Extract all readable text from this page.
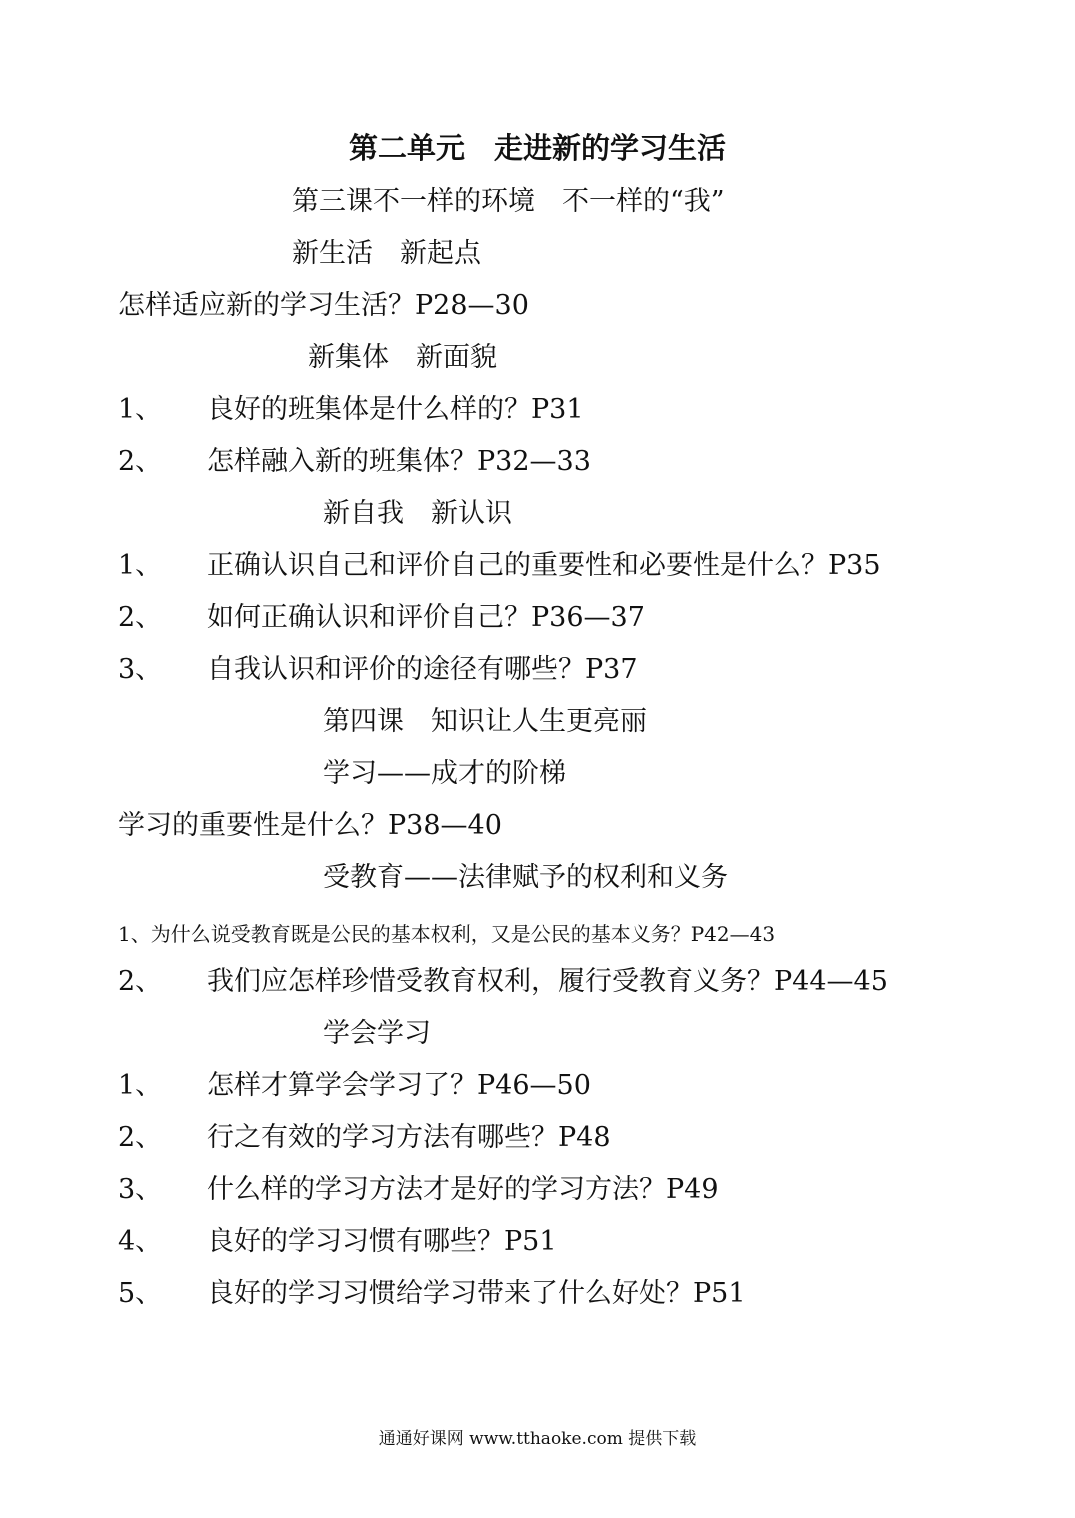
第二单元　走进新的学习生活
第三课不一样的环境　不一样的“我”
新生活　新起点
怎样适应新的学习生活？P28—30
新集体　新面貌
1、 良好的班集体是什么样的？P31
2、 怎样融入新的班集体？P32—33
新自我　新认识
1、 正确认识自己和评价自己的重要性和必要性是什么？P35
2、 如何正确认识和评价自己？P36—37
3、 自我认识和评价的途径有哪些？P37
第四课　知识让人生更亮丽
学习——成才的阶梯
学习的重要性是什么？P38—40
受教育——法律赋予的权利和义务
1、为什么说受教育既是公民的基本权利，又是公民的基本义务？P42—43
2、 我们应怎样珍惜受教育权利，履行受教育义务？P44—45
学会学习
1、 怎样才算学会学习了？P46—50
2、 行之有效的学习方法有哪些？P48
3、 什么样的学习方法才是好的学习方法？P49
4、 良好的学习习惯有哪些？P51
5、 良好的学习习惯给学习带来了什么好处？P51
通通好课网 www.tthaoke.com 提供下载
